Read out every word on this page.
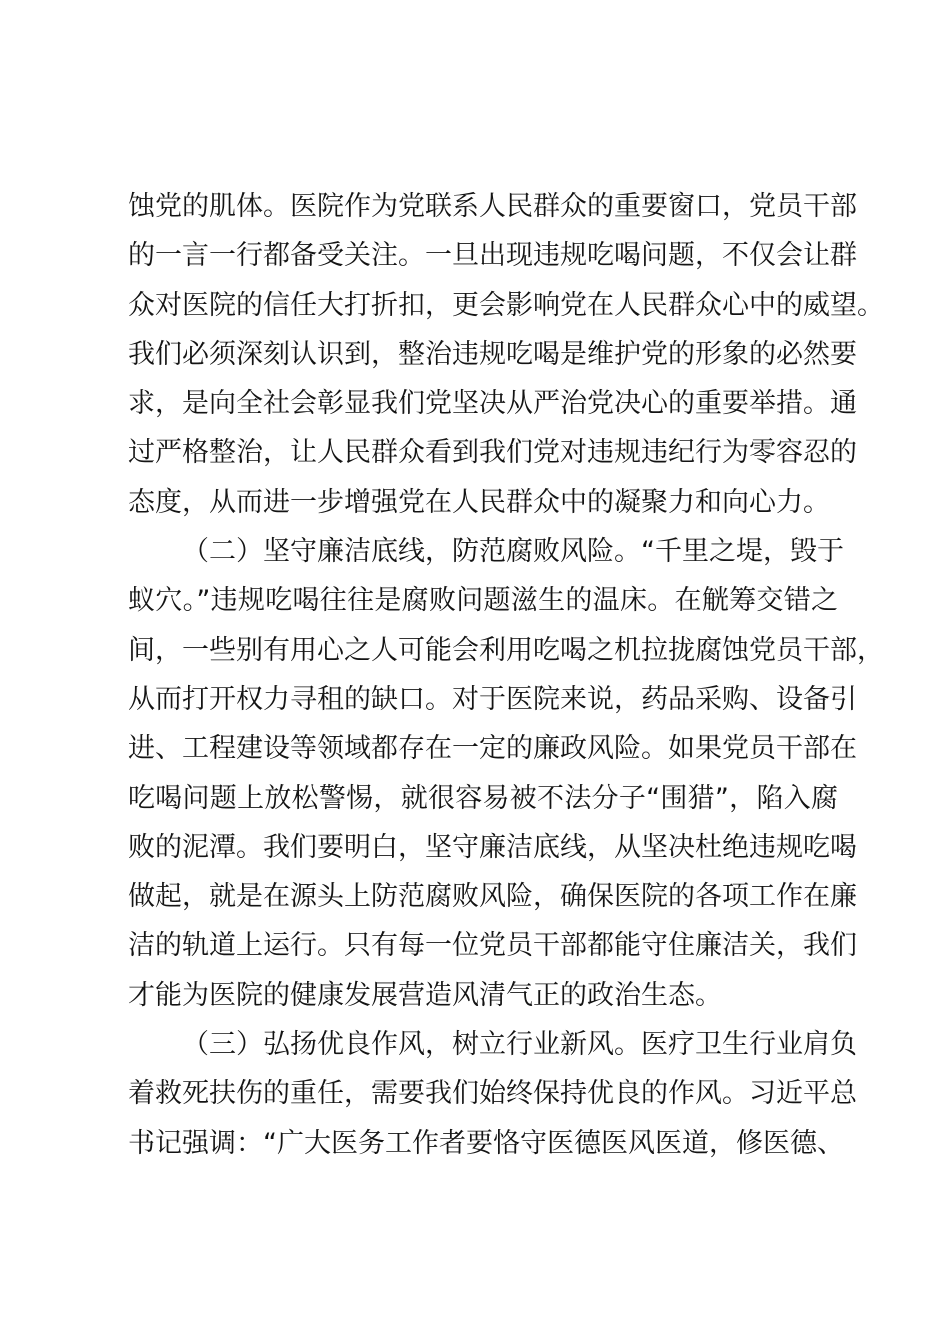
蚀党的肌体。医院作为党联系人民群众的重要窗口，党员干部
的一言一行都备受关注。一旦出现违规吃喝问题，不仅会让群
众对医院的信任大打折扣，更会影响党在人民群众心中的威望。
我们必须深刻认识到，整治违规吃喝是维护党的形象的必然要
求，是向全社会彰显我们党坚决从严治党决心的重要举措。通
过严格整治，让人民群众看到我们党对违规违纪行为零容忍的
态度，从而进一步增强党在人民群众中的凝聚力和向心力。
（二）坚守廉洁底线，防范腐败风险。“千里之堤，毁于
蚁穴。”违规吃喝往往是腐败问题滋生的温床。在觥筹交错之
间，一些别有用心之人可能会利用吃喝之机拉拢腐蚀党员干部，
从而打开权力寻租的缺口。对于医院来说，药品采购、设备引
进、工程建设等领域都存在一定的廉政风险。如果党员干部在
吃喝问题上放松警惕，就很容易被不法分子“围猎”，陷入腐
败的泥潭。我们要明白，坚守廉洁底线，从坚决杜绝违规吃喝
做起，就是在源头上防范腐败风险，确保医院的各项工作在廉
洁的轨道上运行。只有每一位党员干部都能守住廉洁关，我们
才能为医院的健康发展营造风清气正的政治生态。
（三）弘扬优良作风，树立行业新风。医疗卫生行业肩负
着救死扶伤的重任，需要我们始终保持优良的作风。习近平总
书记强调：“广大医务工作者要恪守医德医风医道，修医德、
